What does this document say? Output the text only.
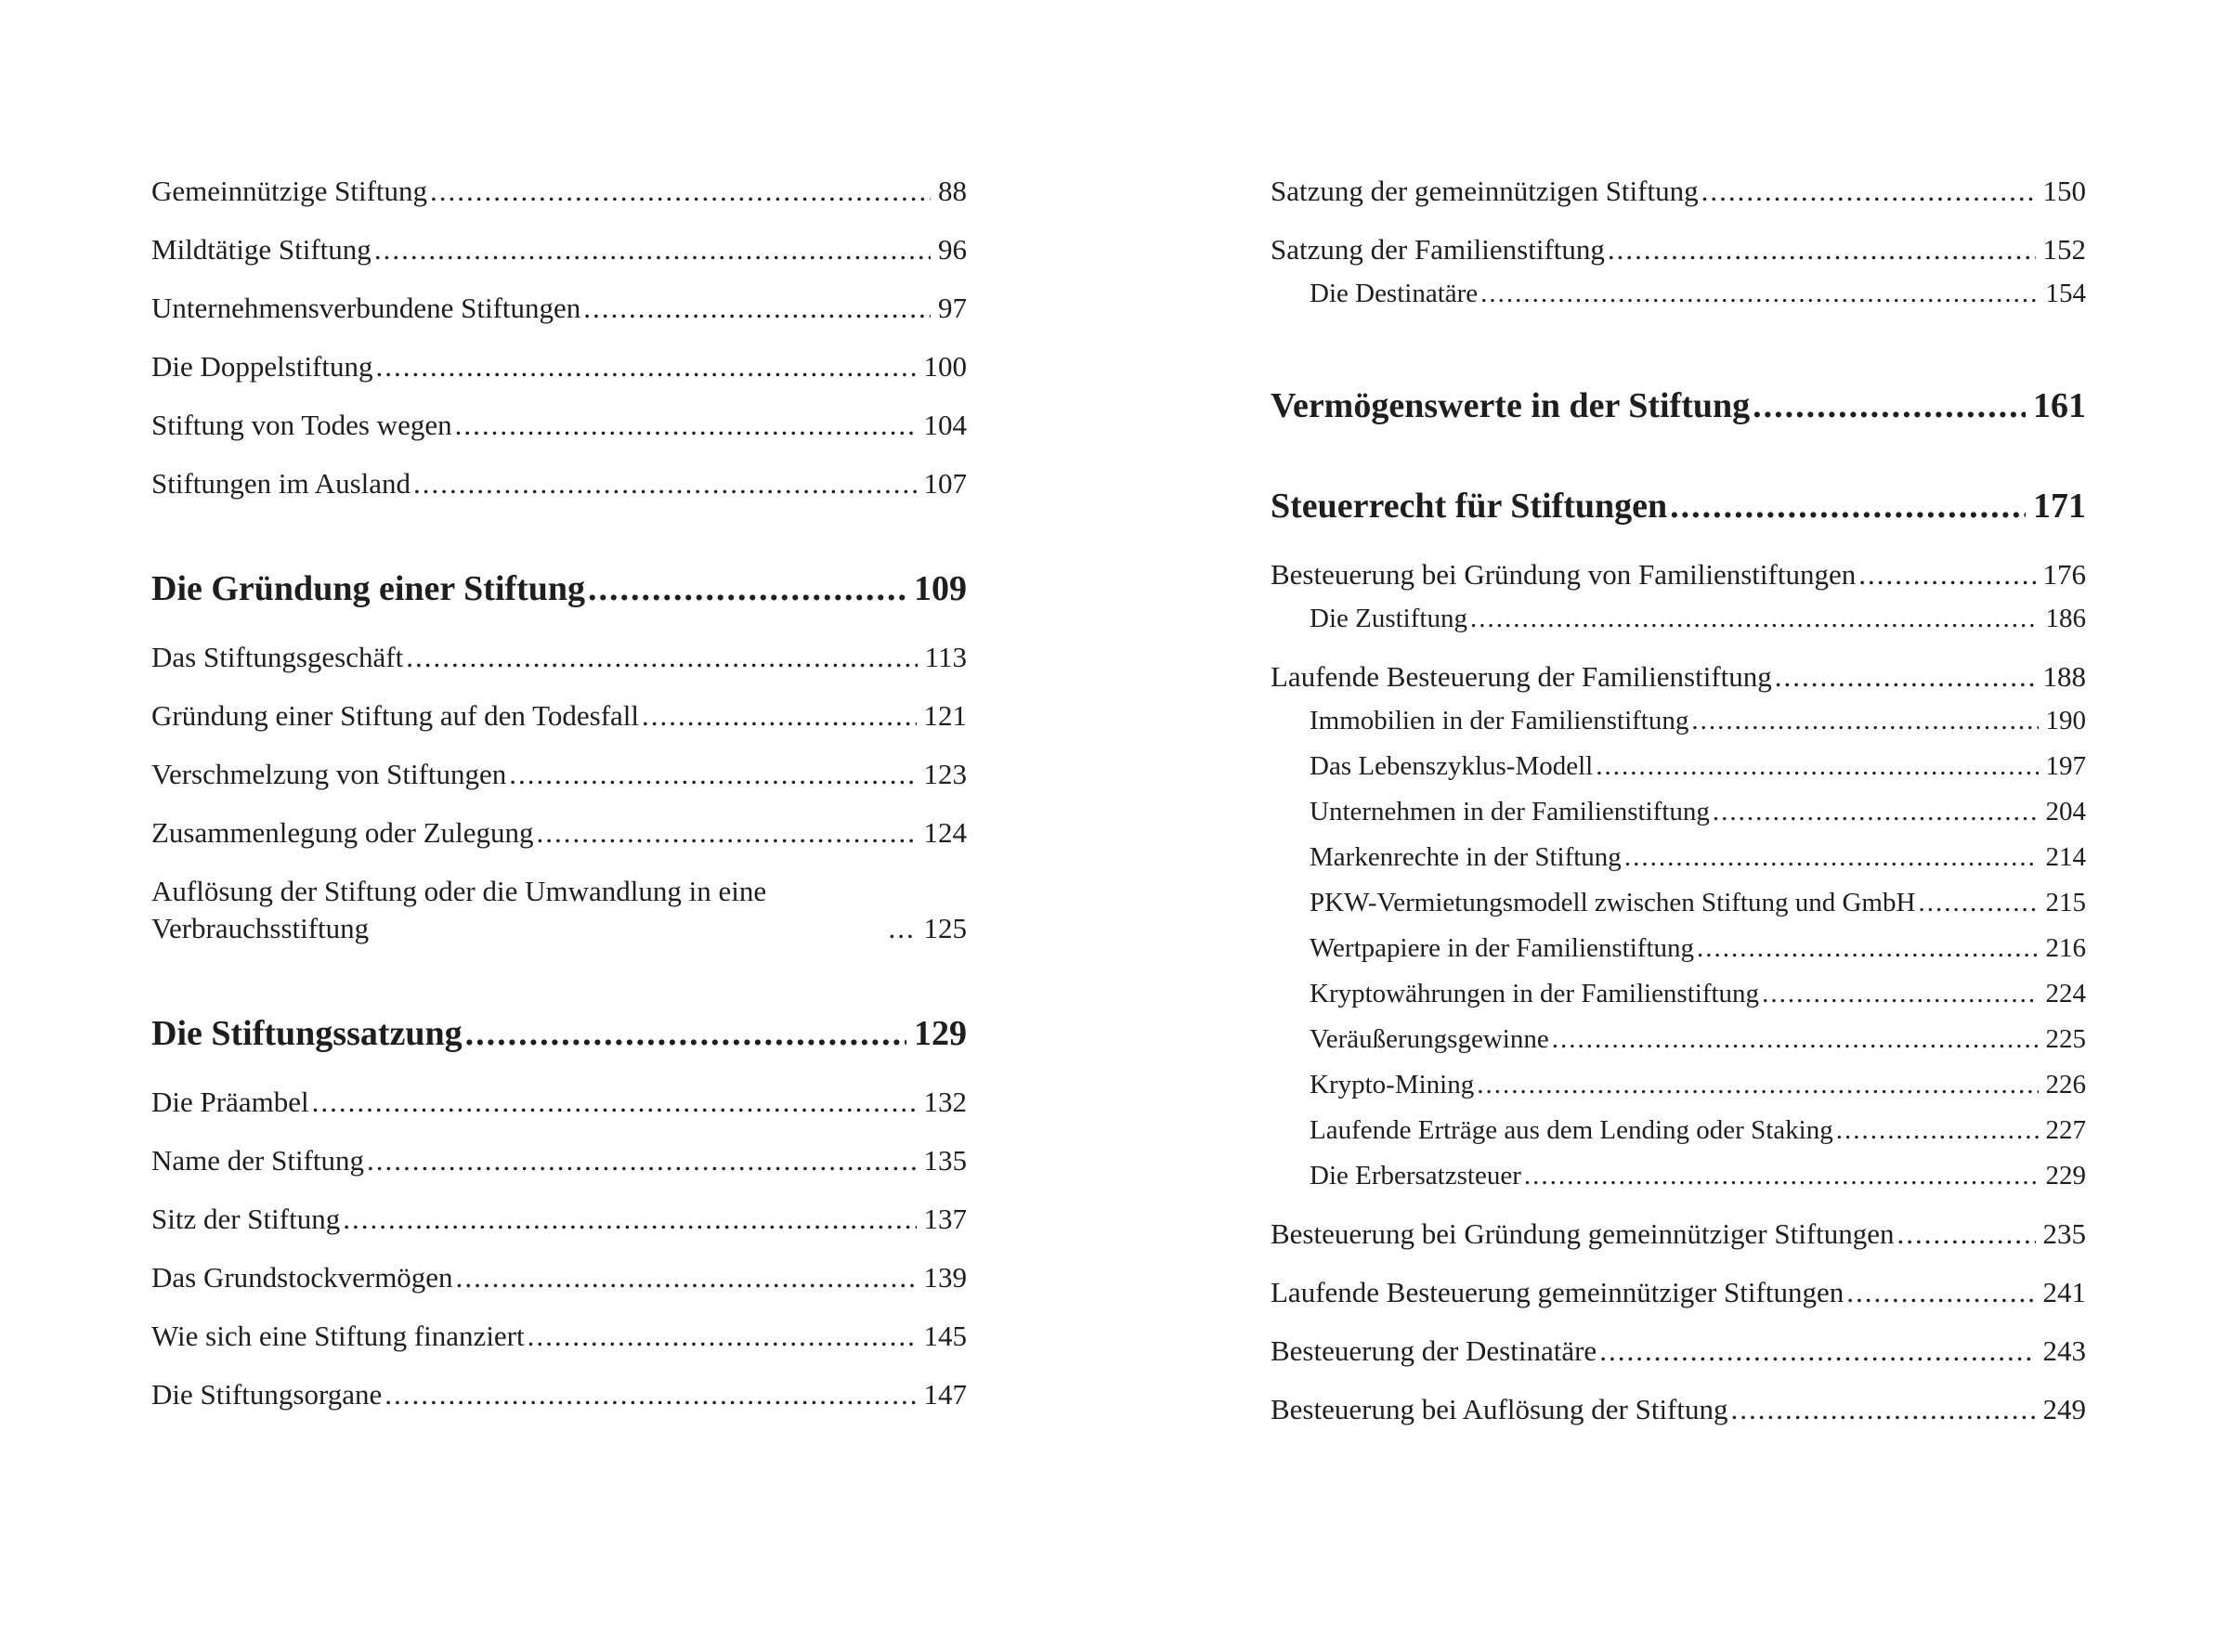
Gemeinnützige Stiftung .....	88
Mildtätige Stiftung .....	96
Unternehmensverbundene Stiftungen .....	97
Die Doppelstiftung .....	100
Stiftung von Todes wegen .....	104
Stiftungen im Ausland .....	107
Die Gründung einer Stiftung .....	109
Das Stiftungsgeschäft .....	113
Gründung einer Stiftung auf den Todesfall .....	121
Verschmelzung von Stiftungen .....	123
Zusammenlegung oder Zulegung .....	124
Auflösung der Stiftung oder die Umwandlung in eine Verbrauchsstiftung .....	125
Die Stiftungssatzung .....	129
Die Präambel .....	132
Name der Stiftung .....	135
Sitz der Stiftung .....	137
Das Grundstockvermögen .....	139
Wie sich eine Stiftung finanziert .....	145
Die Stiftungsorgane .....	147
Satzung der gemeinnützigen Stiftung .....	150
Satzung der Familienstiftung .....	152
Die Destinatäre .....	154
Vermögenswerte in der Stiftung .....	161
Steuerrecht für Stiftungen .....	171
Besteuerung bei Gründung von Familienstiftungen .....	176
Die Zustiftung .....	186
Laufende Besteuerung der Familienstiftung .....	188
Immobilien in der Familienstiftung .....	190
Das Lebenszyklus-Modell .....	197
Unternehmen in der Familienstiftung .....	204
Markenrechte in der Stiftung .....	214
PKW-Vermietungsmodell zwischen Stiftung und GmbH .....	215
Wertpapiere in der Familienstiftung .....	216
Kryptowährungen in der Familienstiftung .....	224
Veräußerungsgewinne .....	225
Krypto-Mining .....	226
Laufende Erträge aus dem Lending oder Staking .....	227
Die Erbersatzsteuer .....	229
Besteuerung bei Gründung gemeinnütziger Stiftungen .....	235
Laufende Besteuerung gemeinnütziger Stiftungen .....	241
Besteuerung der Destinatäre .....	243
Besteuerung bei Auflösung der Stiftung .....	249
